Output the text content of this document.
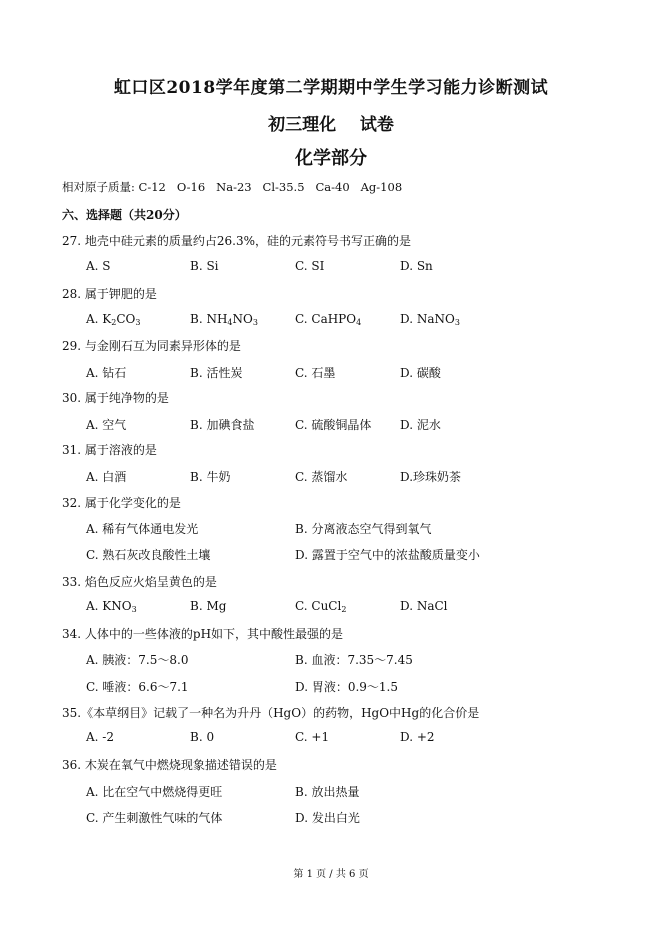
虹口区2018学年度第二学期期中学生学习能力诊断测试
初三理化    试卷
化学部分
相对原子质量: C-12   O-16   Na-23   Cl-35.5   Ca-40   Ag-108
六、选择题（共20分）
27. 地壳中硅元素的质量约占26.3%，硅的元素符号书写正确的是
A. S	B. Si	C. SI	D. Sn
28. 属于钾肥的是
A. $K_2CO_3$	B. $NH_4NO_3$	C. CaHPO$_4$	D. NaNO$_3$
29. 与金刚石互为同素异形体的是
A. 钻石	B. 活性炭	C. 石墨	D. 碳酸
30. 属于纯净物的是
A. 空气	B. 加碘食盐	C. 硫酸铜晶体 D. 泥水
31. 属于溶液的是
A. 白酒	B. 牛奶	C. 蒸馏水	D.珍珠奶茶
32. 属于化学变化的是
A. 稀有气体通电发光	B. 分离液态空气得到氧气
C. 熟石灰改良酸性土壤	D. 露置于空气中的浓盐酸质量变小
33. 焰色反应火焰呈黄色的是
A. $KNO_3$	B. Mg	C. CuCl$_2$	D. NaCl
34. 人体中的一些体液的pH如下，其中酸性最强的是
A. 胰液：7.5～8.0	B. 血液：7.35～7.45
C. 唾液：6.6～7.1	D. 胃液：0.9～1.5
35.《本草纲目》记载了一种名为升丹（HgO）的药物，HgO中Hg的化合价是
A. -2	B. 0	C. +1	D. +2
36. 木炭在氧气中燃烧现象描述错误的是
A. 比在空气中燃烧得更旺	B. 放出热量
C. 产生刺激性气味的气体	D. 发出白光
第 1 页 / 共 6 页
